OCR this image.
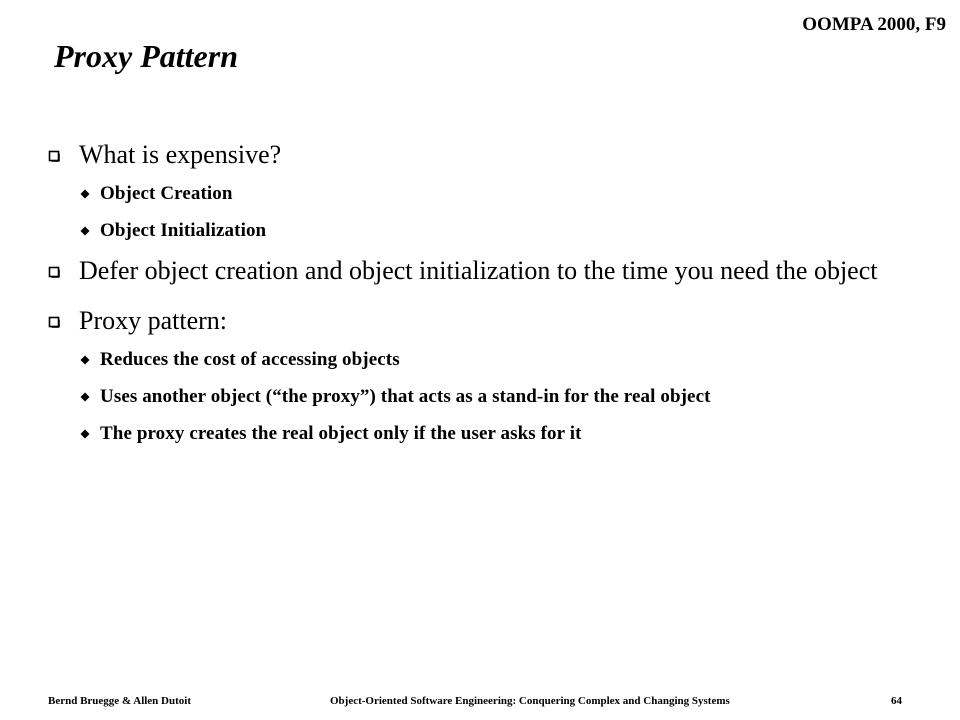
OOMPA 2000, F9
Proxy Pattern
What is expensive?
Object Creation
Object Initialization
Defer object creation and object initialization to the time you need the object
Proxy pattern:
Reduces the cost of accessing objects
Uses another object (“the proxy”) that acts as a stand-in for the real object
The proxy creates the real object only if the user asks for it
Bernd Bruegge & Allen Dutoit	Object-Oriented Software Engineering: Conquering Complex and Changing Systems	64
